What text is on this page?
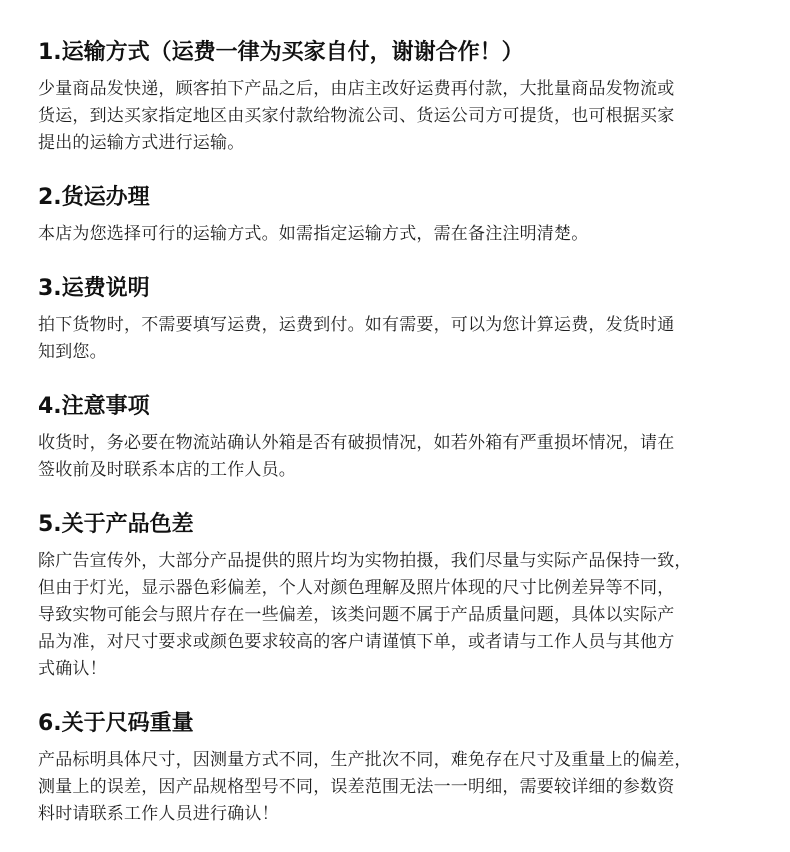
1.运输方式（运费一律为买家自付，谢谢合作！）

少量商品发快递，顾客拍下产品之后，由店主改好运费再付款，大批量商品发物流或
货运，到达买家指定地区由买家付款给物流公司、货运公司方可提货，也可根据买家
提出的运输方式进行运输。

2.货运办理

本店为您选择可行的运输方式。如需指定运输方式，需在备注注明清楚。

3.运费说明

拍下货物时，不需要填写运费，运费到付。如有需要，可以为您计算运费，发货时通
知到您。

4.注意事项

收货时，务必要在物流站确认外箱是否有破损情况，如若外箱有严重损坏情况，请在
签收前及时联系本店的工作人员。

5.关于产品色差

除广告宣传外，大部分产品提供的照片均为实物拍摄，我们尽量与实际产品保持一致，
但由于灯光，显示器色彩偏差，个人对颜色理解及照片体现的尺寸比例差异等不同，
导致实物可能会与照片存在一些偏差，该类问题不属于产品质量问题，具体以实际产
品为准，对尺寸要求或颜色要求较高的客户请谨慎下单，或者请与工作人员与其他方
式确认！

6.关于尺码重量

产品标明具体尺寸，因测量方式不同，生产批次不同，难免存在尺寸及重量上的偏差，
测量上的误差，因产品规格型号不同，误差范围无法一一明细，需要较详细的参数资
料时请联系工作人员进行确认！
